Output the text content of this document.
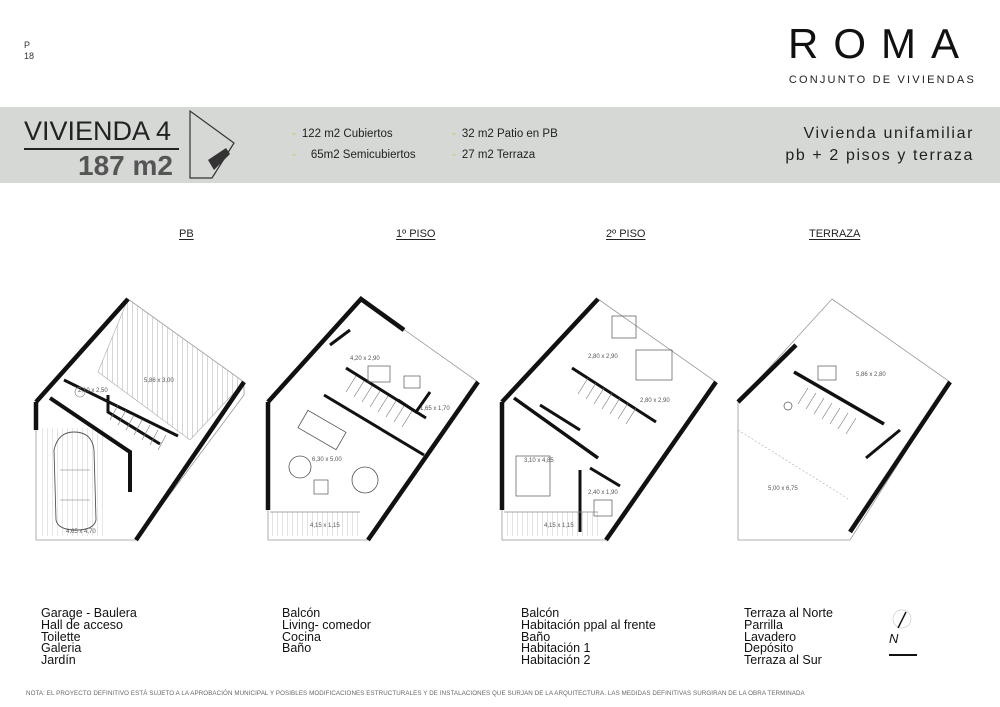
P
18	ROMA
CONJUNTO DE VIVIENDAS
VIVIENDA 4
187 m2
- 122 m2 Cubiertos
- 65m2 Semicubiertos
- 32 m2 Patio en PB
- 27 m2 Terraza
Vivienda unifamiliar
pb + 2 pisos y terraza
PB	1º PISO	2º PISO	TERRAZA
2,10 x 2,50
5,86 x 3,00
4,65 x 4,70
4,20 x 2,90
1,65 x 1,70
6,30 x 5,00
4,15 x 1,15
2,80 x 2,90
2,80 x 2,90
3,10 x 4,85
2,40 x 1,90
4,15 x 1,15
5,86 x 2,80
5,00 x 6,75
Garage - Baulera
Hall de acceso
Toilette
Galeria
Jardín
Balcón
Living- comedor
Cocina
Baño
Balcón
Habitación ppal al frente
Baño
Habitación 1
Habitación 2
Terraza al Norte
Parrilla
Lavadero
Depósito
Terraza al Sur
N
NOTA: EL PROYECTO DEFINITIVO ESTÁ SUJETO A LA APROBACIÓN MUNICIPAL Y POSIBLES MODIFICACIONES ESTRUCTURALES Y DE INSTALACIONES QUE SURJAN DE LA ARQUITECTURA. LAS MEDIDAS DEFINITIVAS SURGIRAN DE LA OBRA TERMINADA
